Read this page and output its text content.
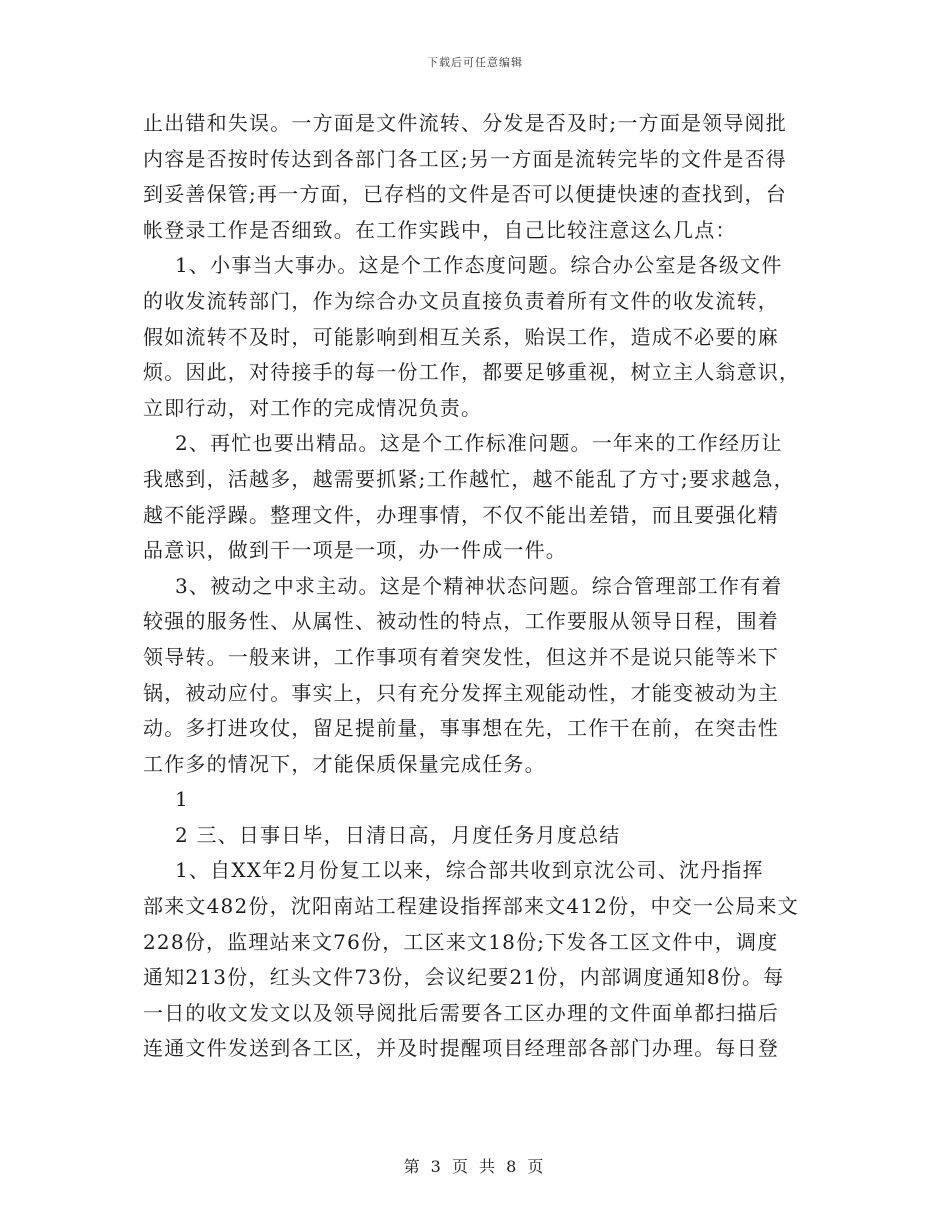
下载后可任意编辑
止出错和失误。一方面是文件流转、分发是否及时;一方面是领导阅批
内容是否按时传达到各部门各工区;另一方面是流转完毕的文件是否得
到妥善保管;再一方面，已存档的文件是否可以便捷快速的查找到，台
帐登录工作是否细致。在工作实践中，自己比较注意这么几点：
1、小事当大事办。这是个工作态度问题。综合办公室是各级文件
的收发流转部门，作为综合办文员直接负责着所有文件的收发流转，
假如流转不及时，可能影响到相互关系，贻误工作，造成不必要的麻
烦。因此，对待接手的每一份工作，都要足够重视，树立主人翁意识，
立即行动，对工作的完成情况负责。
2、再忙也要出精品。这是个工作标准问题。一年来的工作经历让
我感到，活越多，越需要抓紧;工作越忙，越不能乱了方寸;要求越急，
越不能浮躁。整理文件，办理事情，不仅不能出差错，而且要强化精
品意识，做到干一项是一项，办一件成一件。
3、被动之中求主动。这是个精神状态问题。综合管理部工作有着
较强的服务性、从属性、被动性的特点，工作要服从领导日程，围着
领导转。一般来讲，工作事项有着突发性，但这并不是说只能等米下
锅，被动应付。事实上，只有充分发挥主观能动性，才能变被动为主
动。多打进攻仗，留足提前量，事事想在先，工作干在前，在突击性
工作多的情况下，才能保质保量完成任务。
1
2 三、日事日毕，日清日高，月度任务月度总结
1、自XX年2月份复工以来，综合部共收到京沈公司、沈丹指挥
部来文482份，沈阳南站工程建设指挥部来文412份，中交一公局来文
228份，监理站来文76份，工区来文18份;下发各工区文件中，调度
通知213份，红头文件73份，会议纪要21份，内部调度通知8份。每
一日的收文发文以及领导阅批后需要各工区办理的文件面单都扫描后
连通文件发送到各工区，并及时提醒项目经理部各部门办理。每日登
第 3 页 共 8 页
